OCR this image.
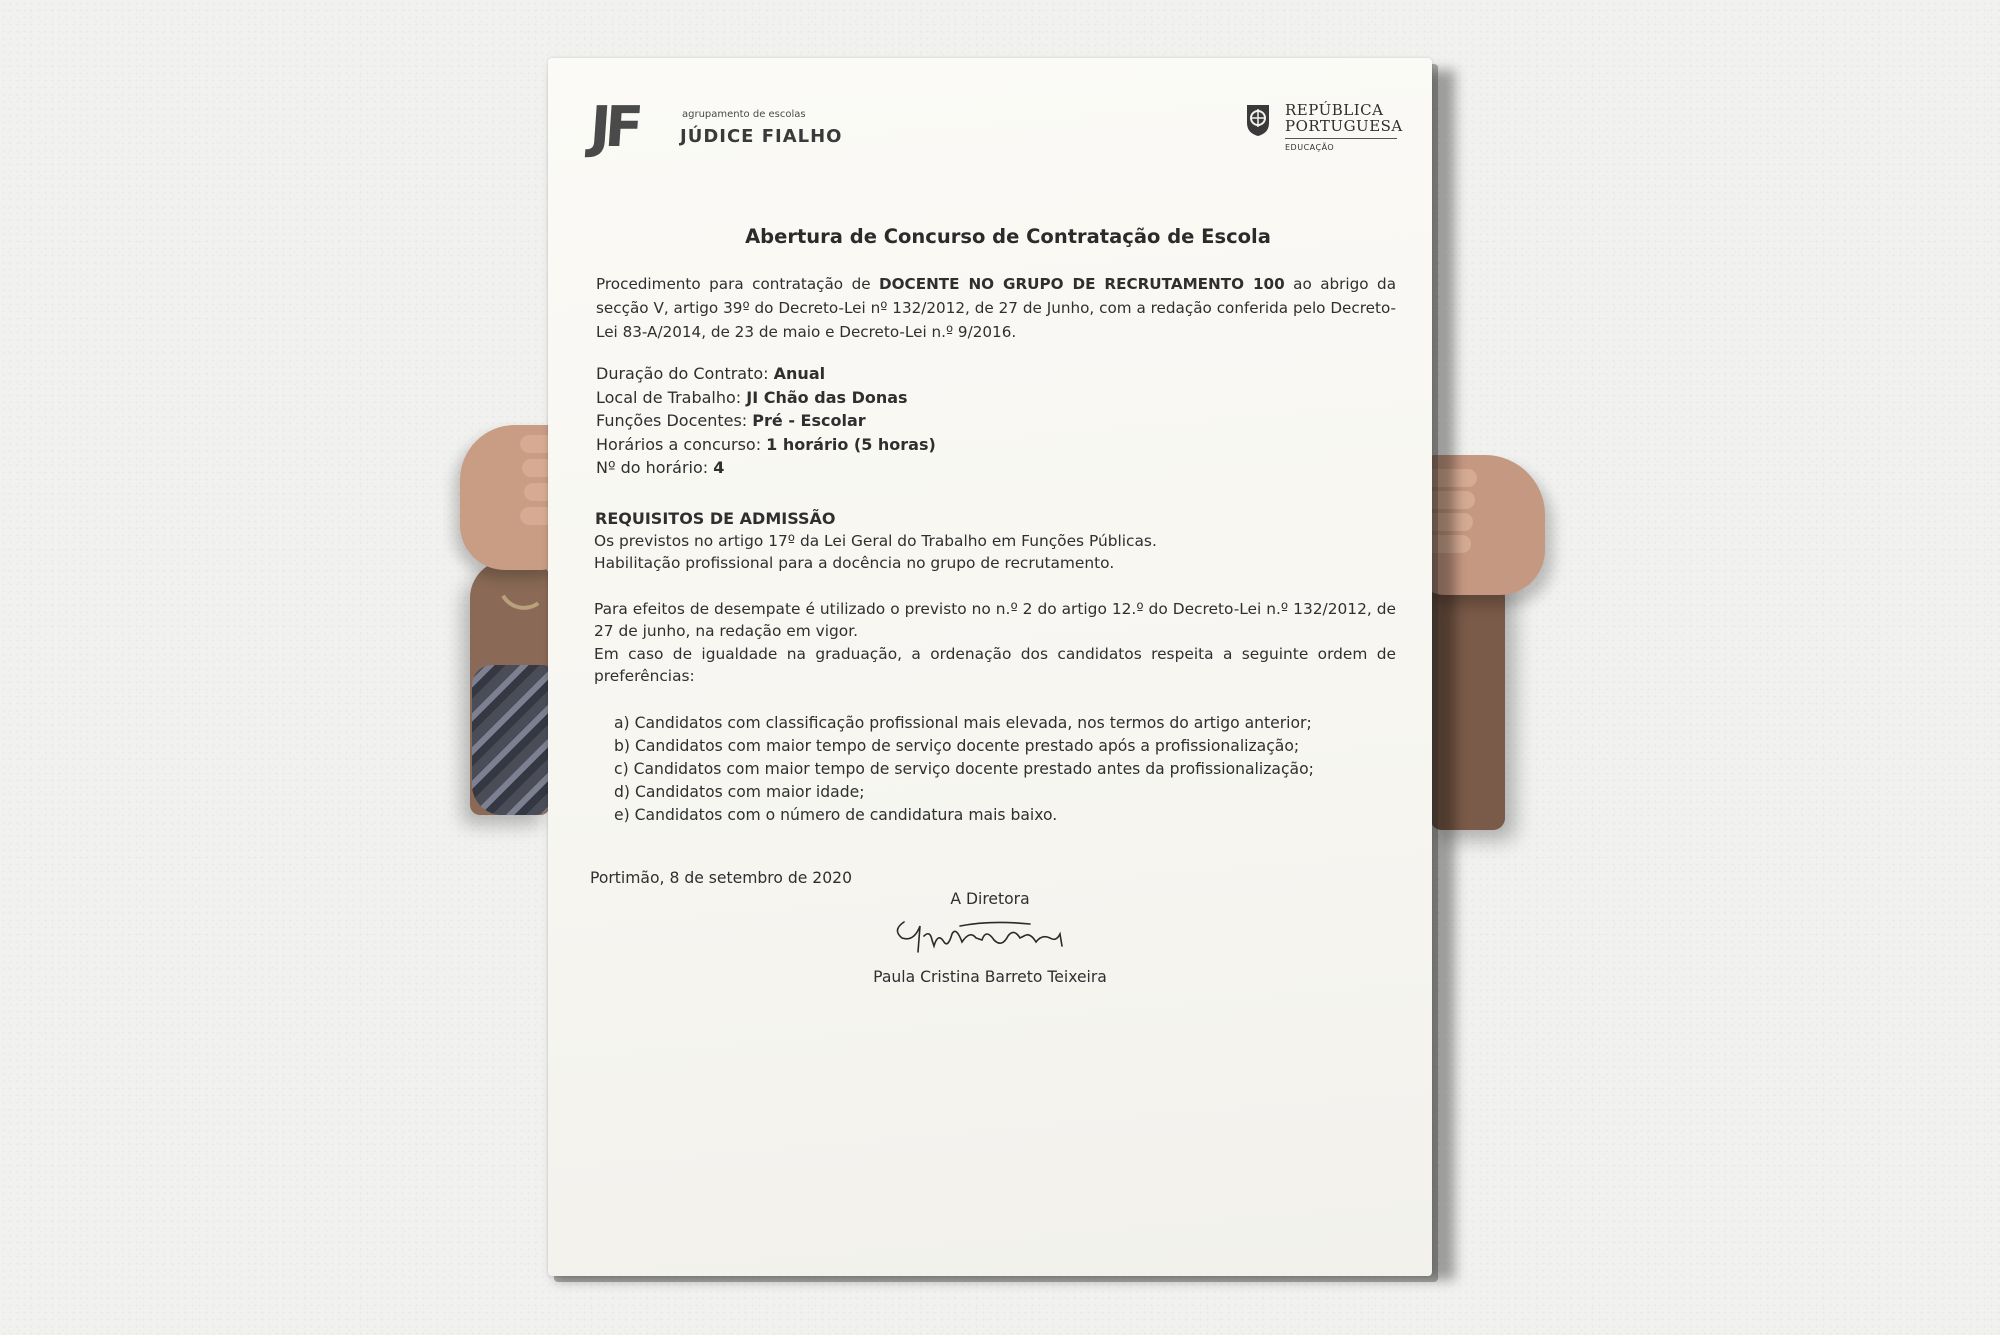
JF	agrupamento de escolas
JÚDICE FIALHO
REPÚBLICA
PORTUGUESA
EDUCAÇÃO
Abertura de Concurso de Contratação de Escola
Procedimento para contratação de DOCENTE NO GRUPO DE RECRUTAMENTO 100 ao abrigo da secção V, artigo 39º do Decreto-Lei nº 132/2012, de 27 de Junho, com a redação conferida pelo Decreto-Lei 83-A/2014, de 23 de maio e Decreto-Lei n.º 9/2016.
Duração do Contrato: Anual
Local de Trabalho: JI Chão das Donas
Funções Docentes: Pré - Escolar
Horários a concurso: 1 horário (5 horas)
Nº do horário: 4
REQUISITOS DE ADMISSÃO
Os previstos no artigo 17º da Lei Geral do Trabalho em Funções Públicas.
Habilitação profissional para a docência no grupo de recrutamento.
Para efeitos de desempate é utilizado o previsto no n.º 2 do artigo 12.º do Decreto-Lei n.º 132/2012, de 27 de junho, na redação em vigor.
Em caso de igualdade na graduação, a ordenação dos candidatos respeita a seguinte ordem de preferências:
a) Candidatos com classificação profissional mais elevada, nos termos do artigo anterior;
b) Candidatos com maior tempo de serviço docente prestado após a profissionalização;
c) Candidatos com maior tempo de serviço docente prestado antes da profissionalização;
d) Candidatos com maior idade;
e) Candidatos com o número de candidatura mais baixo.
Portimão, 8 de setembro de 2020
A Diretora
Paula Cristina Barreto Teixeira
